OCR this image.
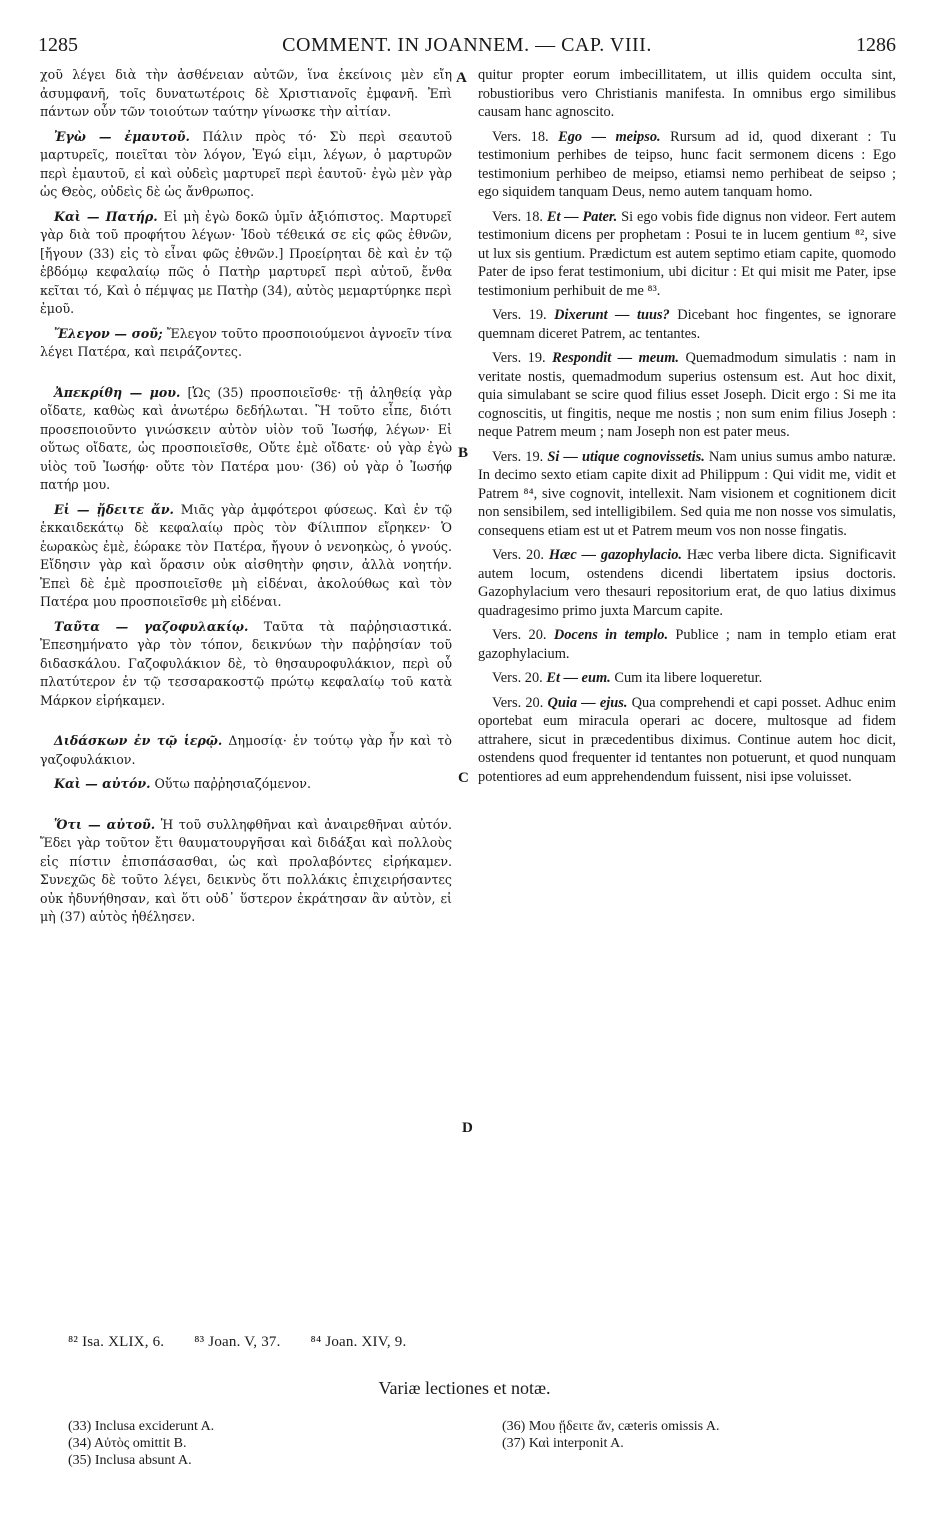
1285	COMMENT. IN JOANNEM. — CAP. VIII.	1286
A
B
C
D

χοῦ λέγει διὰ τὴν ἀσθένειαν αὐτῶν, ἵνα ἐκείνοις μὲν εἴη ἀσυμφανῆ, τοῖς δυνατωτέροις δὲ Χριστιανοῖς ἐμφανῆ. Ἐπὶ πάντων οὖν τῶν τοιούτων ταύτην γίνωσκε τὴν αἰτίαν.

Ἐγὼ — ἐμαυτοῦ. Πάλιν πρὸς τό· Σὺ περὶ σεαυτοῦ μαρτυρεῖς, ποιεῖται τὸν λόγον, Ἐγώ εἰμι, λέγων, ὁ μαρτυρῶν περὶ ἐμαυτοῦ, εἰ καὶ οὐδεὶς μαρτυρεῖ περὶ ἑαυτοῦ· ἐγὼ μὲν γὰρ ὡς Θεὸς, οὐδεὶς δὲ ὡς ἄνθρωπος.

Καὶ — Πατήρ. Εἰ μὴ ἐγὼ δοκῶ ὑμῖν ἀξιόπιστος. Μαρτυρεῖ γὰρ διὰ τοῦ προφήτου λέγων· Ἰδοὺ τέθεικά σε εἰς φῶς ἐθνῶν, [ἤγουν (33) εἰς τὸ εἶναι φῶς ἐθνῶν.] Προείρηται δὲ καὶ ἐν τῷ ἑβδόμῳ κεφαλαίῳ πῶς ὁ Πατὴρ μαρτυρεῖ περὶ αὐτοῦ, ἔνθα κεῖται τό, Καὶ ὁ πέμψας με Πατὴρ (34), αὐτὸς μεμαρτύρηκε περὶ ἐμοῦ.

Ἔλεγον — σοῦ; Ἔλεγον τοῦτο προσποιούμενοι ἀγνοεῖν τίνα λέγει Πατέρα, καὶ πειράζοντες.

Ἀπεκρίθη — μου. [Ὡς (35) προσποιεῖσθε· τῇ ἀληθείᾳ γὰρ οἴδατε, καθὼς καὶ ἀνωτέρω δεδήλωται. Ἢ τοῦτο εἶπε, διότι προσεποιοῦντο γινώσκειν αὐτὸν υἱὸν τοῦ Ἰωσήφ, λέγων· Εἰ οὕτως οἴδατε, ὡς προσποιεῖσθε, Οὔτε ἐμὲ οἴδατε· οὐ γὰρ ἐγὼ υἱὸς τοῦ Ἰωσήφ· οὔτε τὸν Πατέρα μου· (36) οὐ γὰρ ὁ Ἰωσήφ πατήρ μου.

Εἰ — ᾔδειτε ἄν. Μιᾶς γὰρ ἀμφότεροι φύσεως. Καὶ ἐν τῷ ἑκκαιδεκάτῳ δὲ κεφαλαίῳ πρὸς τὸν Φίλιππον εἴρηκεν· Ὁ ἑωρακὼς ἐμὲ, ἑώρακε τὸν Πατέρα, ἤγουν ὁ νενοηκὼς, ὁ γνούς. Εἴδησιν γὰρ καὶ ὅρασιν οὐκ αἰσθητὴν φησιν, ἀλλὰ νοητήν. Ἐπεὶ δὲ ἐμὲ προσποιεῖσθε μὴ εἰδέναι, ἀκολούθως καὶ τὸν Πατέρα μου προσποιεῖσθε μὴ εἰδέναι.

Ταῦτα — γαζοφυλακίῳ. Ταῦτα τὰ παῤῥησιαστικά. Ἐπεσημήνατο γὰρ τὸν τόπον, δεικνύων τὴν παῤῥησίαν τοῦ διδασκάλου. Γαζοφυλάκιον δὲ, τὸ θησαυροφυλάκιον, περὶ οὗ πλατύτερον ἐν τῷ τεσσαρακοστῷ πρώτῳ κεφαλαίῳ τοῦ κατὰ Μάρκον εἰρήκαμεν.

Διδάσκων ἐν τῷ ἱερῷ. Δημοσίᾳ· ἐν τούτῳ γὰρ ἦν καὶ τὸ γαζοφυλάκιον.

Καὶ — αὐτόν. Οὕτω παῤῥησιαζόμενον.

Ὅτι — αὐτοῦ. Ἡ τοῦ συλληφθῆναι καὶ ἀναιρεθῆναι αὐτόν. Ἔδει γὰρ τοῦτον ἔτι θαυματουργῆσαι καὶ διδάξαι καὶ πολλοὺς εἰς πίστιν ἐπισπάσασθαι, ὡς καὶ προλαβόντες εἰρήκαμεν. Συνεχῶς δὲ τοῦτο λέγει, δεικνὺς ὅτι πολλάκις ἐπιχειρήσαντες οὐκ ἠδυνήθησαν, καὶ ὅτι οὐδ᾽ ὕστερον ἐκράτησαν ἂν αὐτὸν, εἰ μὴ (37) αὐτὸς ἠθέλησεν.

quitur propter eorum imbecillitatem, ut illis quidem occulta sint, robustioribus vero Christianis manifesta. In omnibus ergo similibus causam hanc agnoscito.

Vers. 18. Ego — meipso. Rursum ad id, quod dixerant : Tu testimonium perhibes de teipso, hunc facit sermonem dicens : Ego testimonium perhibeo de meipso, etiamsi nemo perhibeat de seipso ; ego siquidem tanquam Deus, nemo autem tanquam homo.

Vers. 18. Et — Pater. Si ego vobis fide dignus non videor. Fert autem testimonium dicens per prophetam : Posui te in lucem gentium ⁸², sive ut lux sis gentium. Prædictum est autem septimo etiam capite, quomodo Pater de ipso ferat testimonium, ubi dicitur : Et qui misit me Pater, ipse testimonium perhibuit de me ⁸³.

Vers. 19. Dixerunt — tuus? Dicebant hoc fingentes, se ignorare quemnam diceret Patrem, ac tentantes.

Vers. 19. Respondit — meum. Quemadmodum simulatis : nam in veritate nostis, quemadmodum superius ostensum est. Aut hoc dixit, quia simulabant se scire quod filius esset Joseph. Dicit ergo : Si me ita cognoscitis, ut fingitis, neque me nostis ; non sum enim filius Joseph : neque Patrem meum ; nam Joseph non est pater meus.

Vers. 19. Si — utique cognovissetis. Nam unius sumus ambo naturæ. In decimo sexto etiam capite dixit ad Philippum : Qui vidit me, vidit et Patrem ⁸⁴, sive cognovit, intellexit. Nam visionem et cognitionem dicit non sensibilem, sed intelligibilem. Sed quia me non nosse vos simulatis, consequens etiam est ut et Patrem meum vos non nosse fingatis.

Vers. 20. Hæc — gazophylacio. Hæc verba libere dicta. Significavit autem locum, ostendens dicendi libertatem ipsius doctoris. Gazophylacium vero thesauri repositorium erat, de quo latius diximus quadragesimo primo juxta Marcum capite.

Vers. 20. Docens in templo. Publice ; nam in templo etiam erat gazophylacium.

Vers. 20. Et — eum. Cum ita libere loqueretur.

Vers. 20. Quia — ejus. Qua comprehendi et capi posset. Adhuc enim oportebat eum miracula operari ac docere, multosque ad fidem attrahere, sicut in præcedentibus diximus. Continue autem hoc dicit, ostendens quod frequenter id tentantes non potuerunt, et quod nunquam potentiores ad eum apprehendendum fuissent, nisi ipse voluisset.

⁸² Isa. XLIX, 6. ⁸³ Joan. V, 37. ⁸⁴ Joan. XIV, 9.
Variæ lectiones et notæ.
(33) Inclusa exciderunt A.
(34) Αὐτὸς omittit B.
(35) Inclusa absunt A.
(36) Μου ᾔδειτε ἄν, cæteris omissis A.
(37) Καὶ interponit A.
